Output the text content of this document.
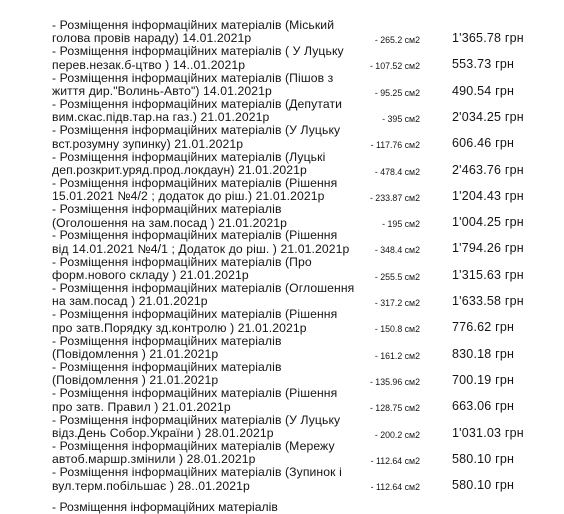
- Розміщення інформаційних матеріалів (Міський
голова провів нараду) 14.01.2021р	- 265.2 см2	1'365.78 грн
- Розміщення інформаційних матеріалів ( У Луцьку
перев.незак.б-цтво ) 14..01.2021р	- 107.52 см2	553.73 грн
- Розміщення інформаційних матеріалів (Пішов з
життя дир."Волинь-Авто") 14.01.2021р	- 95.25 см2	490.54 грн
- Розміщення інформаційних матеріалів (Депутати
вим.скас.підв.тар.на газ.) 21.01.2021р	- 395 см2	2'034.25 грн
- Розміщення інформаційних матеріалів (У Луцьку
вст.розумну зупинку) 21.01.2021р	- 117.76 см2	606.46 грн
- Розміщення інформаційних матеріалів (Луцькі
деп.розкрит.уряд.прод.локдаун) 21.01.2021р	- 478.4 см2	2'463.76 грн
- Розміщення інформаційних матеріалів (Рішення
15.01.2021 №4/2 ; додаток до ріш.) 21.01.2021р	- 233.87 см2	1'204.43 грн
- Розміщення інформаційних матеріалів
(Оголошення на зам.посад ) 21.01.2021р	- 195 см2	1'004.25 грн
- Розміщення інформаційних матеріалів (Рішення
від 14.01.2021 №4/1 ; Додаток до ріш. ) 21.01.2021р	- 348.4 см2	1'794.26 грн
- Розміщення інформаційних матеріалів (Про
форм.нового складу ) 21.01.2021р	- 255.5 см2	1'315.63 грн
- Розміщення інформаційних матеріалів (Оглошення
на зам.посад ) 21.01.2021р	- 317.2 см2	1'633.58 грн
- Розміщення інформаційних матеріалів (Рішення
про затв.Порядку зд.контролю ) 21.01.2021р	- 150.8 см2	776.62 грн
- Розміщення інформаційних матеріалів
(Повідомлення ) 21.01.2021р	- 161.2 см2	830.18 грн
- Розміщення інформаційних матеріалів
(Повідомлення ) 21.01.2021р	- 135.96 см2	700.19 грн
- Розміщення інформаційних матеріалів (Рішення
про затв. Правил ) 21.01.2021р	- 128.75 см2	663.06 грн
- Розміщення інформаційних матеріалів (У Луцьку
відз.День Собор.України ) 28.01.2021р	- 200.2 см2	1'031.03 грн
- Розміщення інформаційних матеріалів (Мережу
автоб.маршр.змінили ) 28.01.2021р	- 112.64 см2	580.10 грн
- Розміщення інформаційних матеріалів (Зупинок і
вул.терм.побільшає ) 28..01.2021р	- 112.64 см2	580.10 грн
- Розміщення інформаційних матеріалів
